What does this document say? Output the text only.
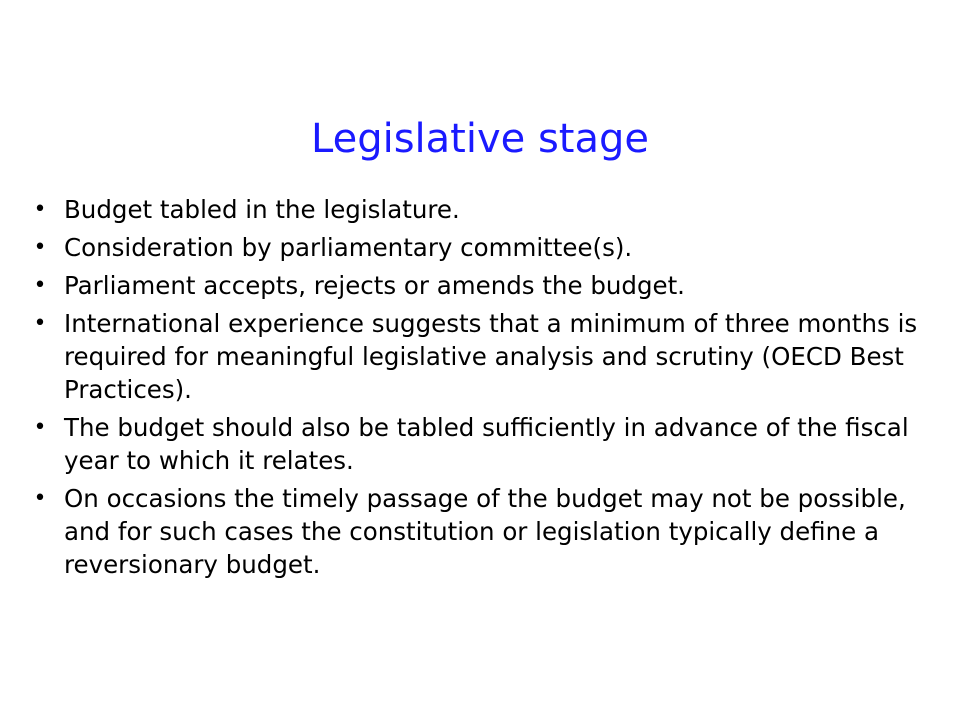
Legislative stage
• Budget tabled in the legislature.
• Consideration by parliamentary committee(s).
• Parliament accepts, rejects or amends the budget.
• International experience suggests that a minimum of three months is required for meaningful legislative analysis and scrutiny (OECD Best Practices).
• The budget should also be tabled sufficiently in advance of the fiscal year to which it relates.
• On occasions the timely passage of the budget may not be possible, and for such cases the constitution or legislation typically define a reversionary budget.
